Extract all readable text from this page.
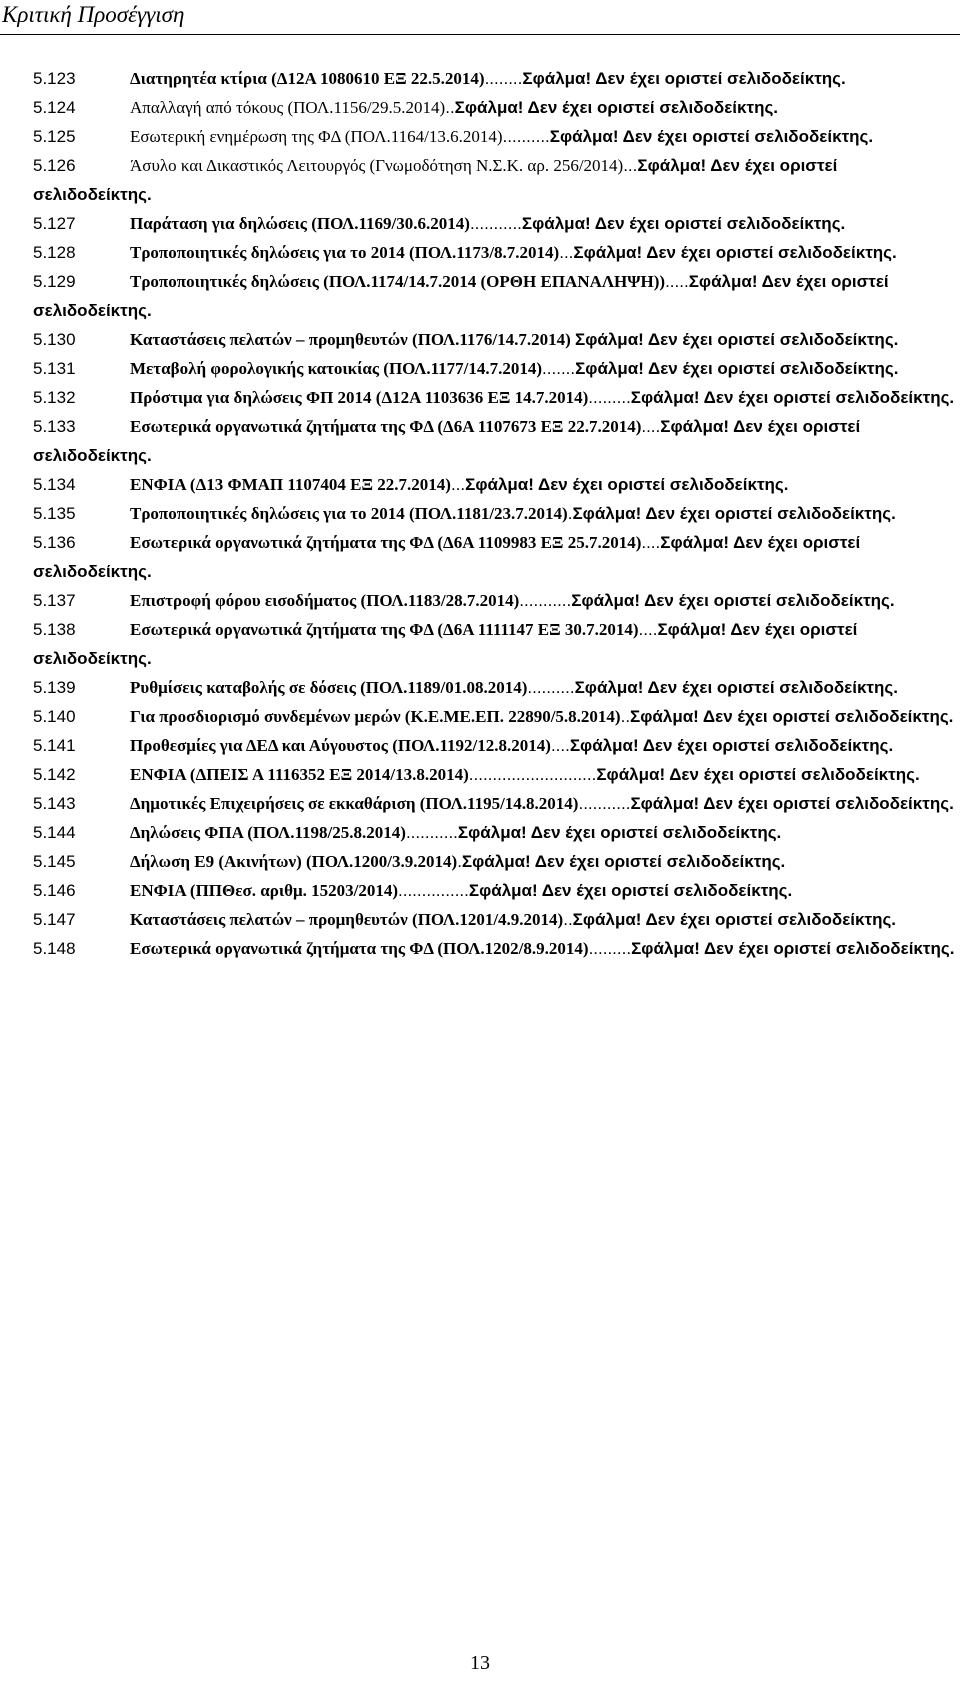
Κριτική Προσέγγιση
5.123	Διατηρητέα κτίρια (Δ12Α 1080610 ΕΞ 22.5.2014)........Σφάλμα! Δεν έχει οριστεί σελιδοδείκτης.
5.124	Απαλλαγή από τόκους (ΠΟΛ.1156/29.5.2014)..Σφάλμα! Δεν έχει οριστεί σελιδοδείκτης.
5.125	Εσωτερική ενημέρωση της ΦΔ (ΠΟΛ.1164/13.6.2014)..........Σφάλμα! Δεν έχει οριστεί σελιδοδείκτης.
5.126	Άσυλο και Δικαστικός Λειτουργός (Γνωμοδότηση Ν.Σ.Κ. αρ. 256/2014)...Σφάλμα! Δεν έχει οριστεί σελιδοδείκτης.
5.127	Παράταση για δηλώσεις (ΠΟΛ.1169/30.6.2014)...........Σφάλμα! Δεν έχει οριστεί σελιδοδείκτης.
5.128	Τροποποιητικές δηλώσεις για το 2014 (ΠΟΛ.1173/8.7.2014)...Σφάλμα! Δεν έχει οριστεί σελιδοδείκτης.
5.129	Τροποποιητικές δηλώσεις (ΠΟΛ.1174/14.7.2014 (ΟΡΘΗ ΕΠΑΝΑΛΗΨΗ)).....Σφάλμα! Δεν έχει οριστεί σελιδοδείκτης.
5.130	Καταστάσεις πελατών – προμηθευτών (ΠΟΛ.1176/14.7.2014) Σφάλμα! Δεν έχει οριστεί σελιδοδείκτης.
5.131	Μεταβολή φορολογικής κατοικίας (ΠΟΛ.1177/14.7.2014).......Σφάλμα! Δεν έχει οριστεί σελιδοδείκτης.
5.132	Πρόστιμα για δηλώσεις ΦΠ 2014 (Δ12Α 1103636 ΕΞ 14.7.2014).........Σφάλμα! Δεν έχει οριστεί σελιδοδείκτης.
5.133	Εσωτερικά οργανωτικά ζητήματα της ΦΔ (Δ6Α 1107673 ΕΞ 22.7.2014)....Σφάλμα! Δεν έχει οριστεί σελιδοδείκτης.
5.134	ΕΝΦΙΑ (Δ13 ΦΜΑΠ 1107404 ΕΞ 22.7.2014)...Σφάλμα! Δεν έχει οριστεί σελιδοδείκτης.
5.135	Τροποποιητικές δηλώσεις για το 2014 (ΠΟΛ.1181/23.7.2014).Σφάλμα! Δεν έχει οριστεί σελιδοδείκτης.
5.136	Εσωτερικά οργανωτικά ζητήματα της ΦΔ (Δ6Α 1109983 ΕΞ 25.7.2014)....Σφάλμα! Δεν έχει οριστεί σελιδοδείκτης.
5.137	Επιστροφή φόρου εισοδήματος (ΠΟΛ.1183/28.7.2014)...........Σφάλμα! Δεν έχει οριστεί σελιδοδείκτης.
5.138	Εσωτερικά οργανωτικά ζητήματα της ΦΔ (Δ6Α 1111147 ΕΞ 30.7.2014)....Σφάλμα! Δεν έχει οριστεί σελιδοδείκτης.
5.139	Ρυθμίσεις καταβολής σε δόσεις (ΠΟΛ.1189/01.08.2014)..........Σφάλμα! Δεν έχει οριστεί σελιδοδείκτης.
5.140	Για προσδιορισμό συνδεμένων μερών (Κ.Ε.ΜΕ.ΕΠ. 22890/5.8.2014)..Σφάλμα! Δεν έχει οριστεί σελιδοδείκτης.
5.141	Προθεσμίες για ΔΕΔ και Αύγουστος (ΠΟΛ.1192/12.8.2014)....Σφάλμα! Δεν έχει οριστεί σελιδοδείκτης.
5.142	ΕΝΦΙΑ (ΔΠΕΙΣ Α 1116352 ΕΞ 2014/13.8.2014)...........................Σφάλμα! Δεν έχει οριστεί σελιδοδείκτης.
5.143	Δημοτικές Επιχειρήσεις σε εκκαθάριση (ΠΟΛ.1195/14.8.2014)...........Σφάλμα! Δεν έχει οριστεί σελιδοδείκτης.
5.144	Δηλώσεις ΦΠΑ (ΠΟΛ.1198/25.8.2014)...........Σφάλμα! Δεν έχει οριστεί σελιδοδείκτης.
5.145	Δήλωση Ε9 (Ακινήτων) (ΠΟΛ.1200/3.9.2014).Σφάλμα! Δεν έχει οριστεί σελιδοδείκτης.
5.146	ΕΝΦΙΑ (ΠΠΘεσ. αριθμ. 15203/2014)...............Σφάλμα! Δεν έχει οριστεί σελιδοδείκτης.
5.147	Καταστάσεις πελατών – προμηθευτών (ΠΟΛ.1201/4.9.2014)..Σφάλμα! Δεν έχει οριστεί σελιδοδείκτης.
5.148	Εσωτερικά οργανωτικά ζητήματα της ΦΔ (ΠΟΛ.1202/8.9.2014).........Σφάλμα! Δεν έχει οριστεί σελιδοδείκτης.
13
